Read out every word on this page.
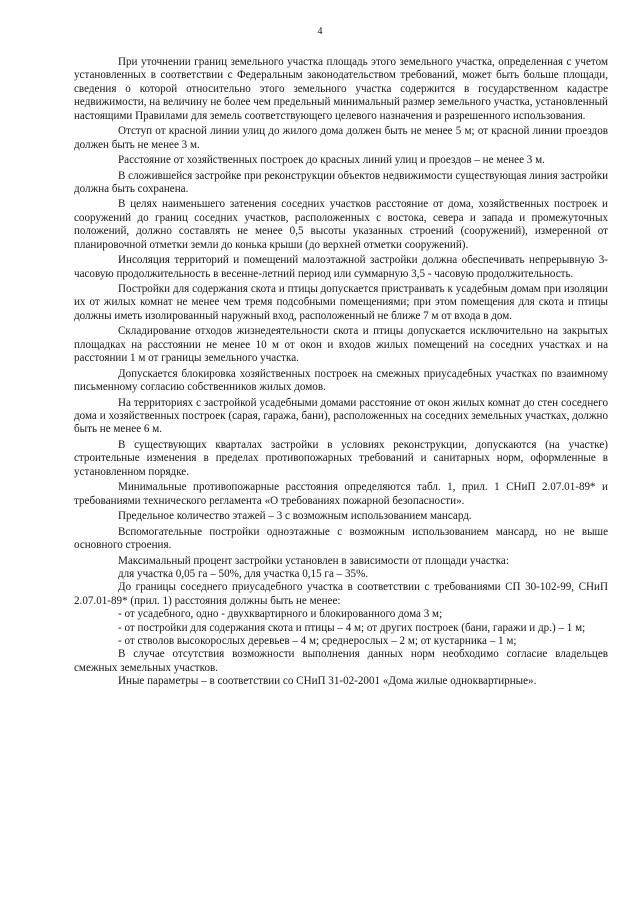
4

При уточнении границ земельного участка площадь этого земельного участка, определенная с учетом установленных в соответствии с Федеральным законодательством требований, может быть больше площади, сведения о которой относительно этого земельного участка содержится в государственном кадастре недвижимости, на величину не более чем предельный минимальный размер земельного участка, установленный настоящими Правилами для земель соответствующего целевого назначения и разрешенного использования.

Отступ от красной линии улиц до жилого дома должен быть не менее 5 м; от красной линии проездов должен быть не менее 3 м.

Расстояние от хозяйственных построек до красных линий улиц и проездов – не менее 3 м.

В сложившейся застройке при реконструкции объектов недвижимости существующая линия застройки должна быть сохранена.

В целях наименьшего затенения соседних участков расстояние от дома, хозяйственных построек и сооружений до границ соседних участков, расположенных с востока, севера и запада и промежуточных положений, должно составлять не менее 0,5 высоты указанных строений (сооружений), измеренной от планировочной отметки земли до конька крыши (до верхней отметки сооружений).

Инсоляция территорий и помещений малоэтажной застройки должна обеспечивать непрерывную 3-часовую продолжительность в весенне-летний период или суммарную 3,5 - часовую продолжительность.

Постройки для содержания скота и птицы допускается пристраивать к усадебным домам при изоляции их от жилых комнат не менее чем тремя подсобными помещениями; при этом помещения для скота и птицы должны иметь изолированный наружный вход, расположенный не ближе 7 м от входа в дом.

Складирование отходов жизнедеятельности скота и птицы допускается исключительно на закрытых площадках на расстоянии не менее 10 м от окон и входов жилых помещений на соседних участках и на расстоянии 1 м от границы земельного участка.

Допускается блокировка хозяйственных построек на смежных приусадебных участках по взаимному письменному согласию собственников жилых домов.

На территориях с застройкой усадебными домами расстояние от окон жилых комнат до стен соседнего дома и хозяйственных построек (сарая, гаража, бани), расположенных на соседних земельных участках, должно быть не менее 6 м.

В существующих кварталах застройки в условиях реконструкции, допускаются (на участке) строительные изменения в пределах противопожарных требований и санитарных норм, оформленные в установленном порядке.

Минимальные противопожарные расстояния определяются табл. 1, прил. 1 СНиП 2.07.01-89* и требованиями технического регламента «О требованиях пожарной безопасности».

Предельное количество этажей – 3 с возможным использованием мансард.

Вспомогательные постройки одноэтажные с возможным использованием мансард, но не выше основного строения.

Максимальный процент застройки установлен в зависимости от площади участка:

для участка 0,05 га – 50%, для участка 0,15 га – 35%.

До границы соседнего приусадебного участка в соответствии с требованиями СП 30-102-99, СНиП 2.07.01-89* (прил. 1) расстояния должны быть не менее:

- от усадебного, одно - двухквартирного и блокированного дома 3 м;

- от постройки для содержания скота и птицы – 4 м; от других построек (бани, гаражи и др.) – 1 м;

- от стволов высокорослых деревьев – 4 м; среднерослых – 2 м; от кустарника – 1 м;

В случае отсутствия возможности выполнения данных норм необходимо согласие владельцев смежных земельных участков.

Иные параметры – в соответствии со СНиП 31-02-2001 «Дома жилые одноквартирные».
